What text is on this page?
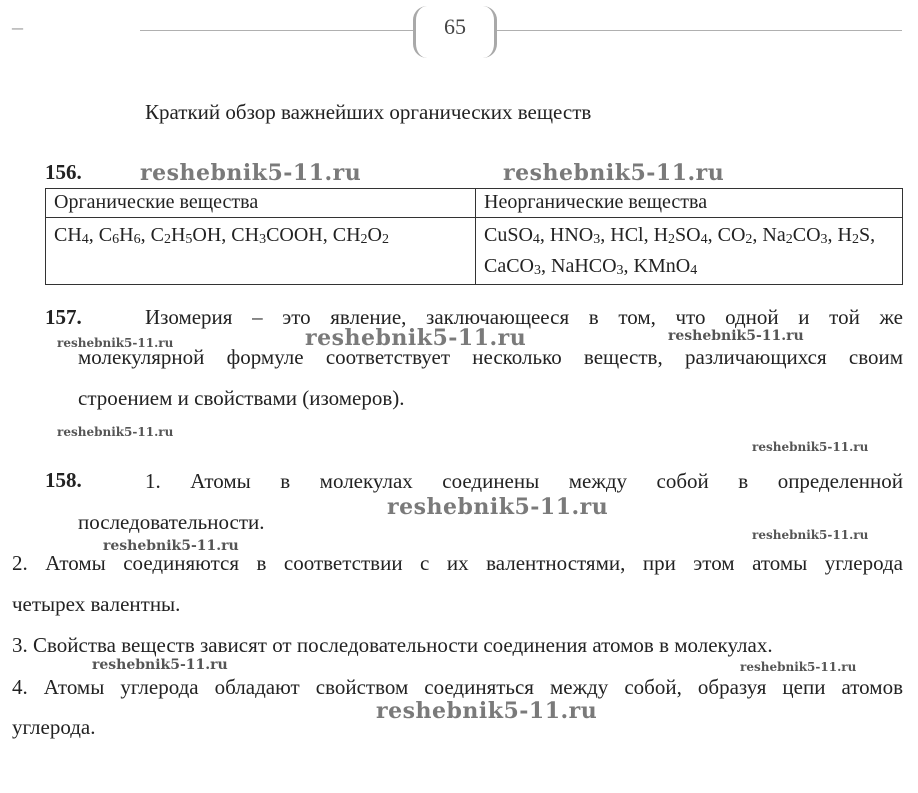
–	65
Краткий обзор важнейших органических веществ
156.	reshebnik5-11.ru	reshebnik5-11.ru
Органические вещества	Неорганические вещества
$CH_4$, $C_6H_6$, $C_2H_5OH$, $CH_3COOH$, $CH_2O_2$	CuSO$_4$, $HNO_3$, HCl, $H_2SO_4$, $CO_2$, $Na_2CO_3$, $H_2S$, CaCO$_3$, NaHCO$_3$, KMnO$_4$
157.	Изомерия – это явление, заключающееся в том, что одной и той же
молекулярной формуле соответствует несколько веществ, различающихся своим
строением и свойствами (изомеров).
reshebnik5-11.ru	reshebnik5-11.ru	reshebnik5-11.ru
reshebnik5-11.ru
reshebnik5-11.ru
158.	1. Атомы в молекулах соединены между собой в определенной
последовательности.
reshebnik5-11.ru
reshebnik5-11.ru
reshebnik5-11.ru
2. Атомы соединяются в соответствии с их валентностями, при этом атомы углерода
четырех валентны.
3. Свойства веществ зависят от последовательности соединения атомов в молекулах.
reshebnik5-11.ru	reshebnik5-11.ru
4. Атомы углерода обладают свойством соединяться между собой, образуя цепи атомов
reshebnik5-11.ru
углерода.
